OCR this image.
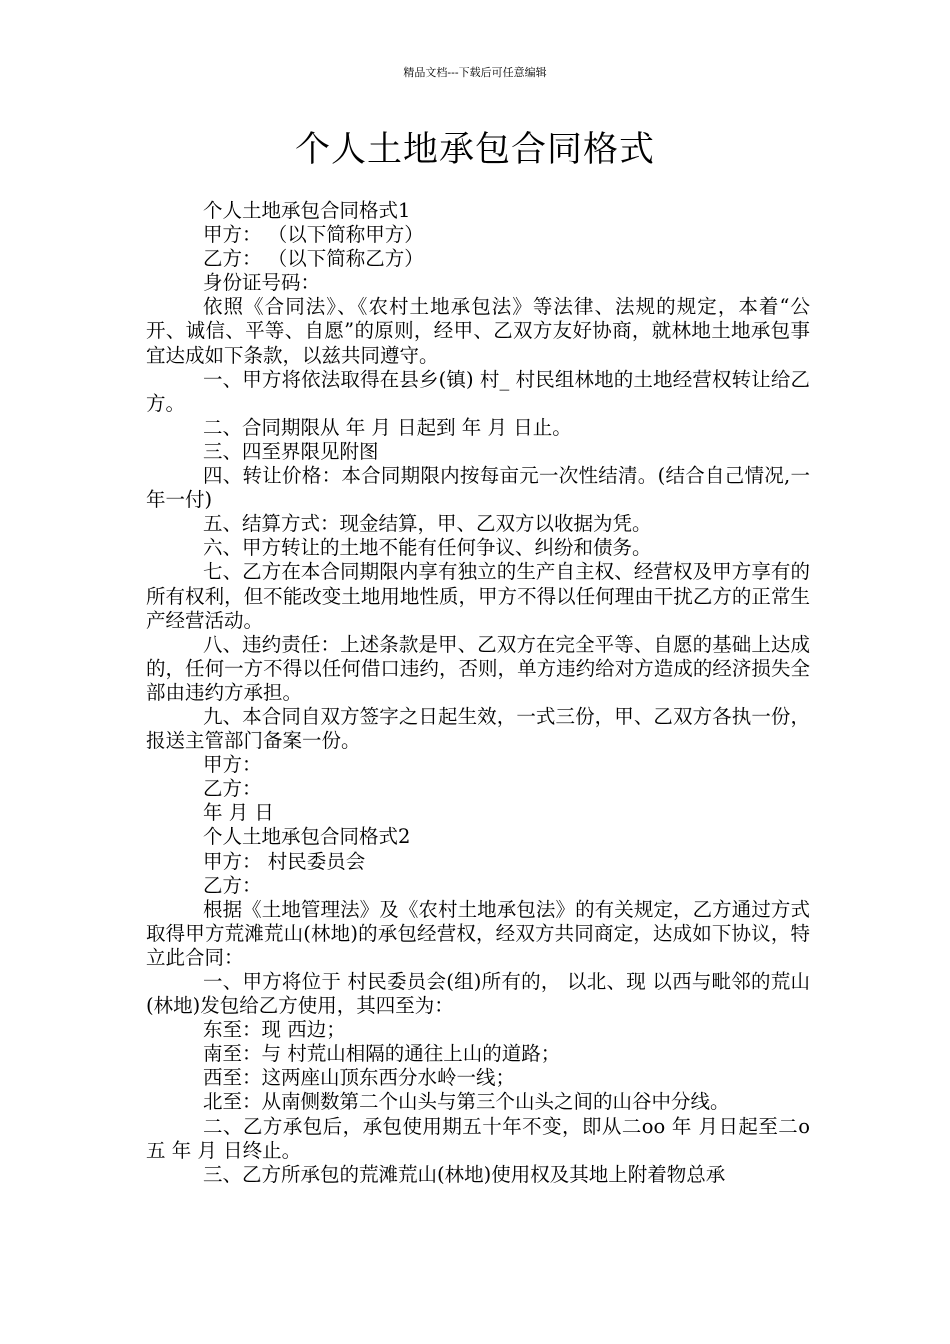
精品文档---下载后可任意编辑
个人土地承包合同格式

个人土地承包合同格式1

甲方： （以下简称甲方）

乙方： （以下简称乙方）

身份证号码：

依照《合同法》、《农村土地承包法》等法律、法规的规定，本着“公开、诚信、平等、自愿”的原则，经甲、乙双方友好协商，就林地土地承包事宜达成如下条款，以兹共同遵守。

一、甲方将依法取得在县乡(镇) 村_ 村民组林地的土地经营权转让给乙方。

二、合同期限从 年 月 日起到 年 月 日止。

三、四至界限见附图

四、转让价格：本合同期限内按每亩元一次性结清。(结合自己情况,一年一付)

五、结算方式：现金结算，甲、乙双方以收据为凭。

六、甲方转让的土地不能有任何争议、纠纷和债务。

七、乙方在本合同期限内享有独立的生产自主权、经营权及甲方享有的所有权利，但不能改变土地用地性质，甲方不得以任何理由干扰乙方的正常生产经营活动。

八、违约责任：上述条款是甲、乙双方在完全平等、自愿的基础上达成的，任何一方不得以任何借口违约，否则，单方违约给对方造成的经济损失全部由违约方承担。

九、本合同自双方签字之日起生效，一式三份，甲、乙双方各执一份，报送主管部门备案一份。

甲方：

乙方：

年 月 日

个人土地承包合同格式2

甲方： 村民委员会

乙方：

根据《土地管理法》及《农村土地承包法》的有关规定，乙方通过方式取得甲方荒滩荒山(林地)的承包经营权，经双方共同商定，达成如下协议，特立此合同：

一、甲方将位于 村民委员会(组)所有的， 以北、现 以西与毗邻的荒山(林地)发包给乙方使用，其四至为：

东至：现 西边；

南至：与 村荒山相隔的通往上山的道路；

西至：这两座山顶东西分水岭一线；

北至：从南侧数第二个山头与第三个山头之间的山谷中分线。

二、乙方承包后，承包使用期五十年不变，即从二oo 年 月日起至二o五 年 月 日终止。

三、乙方所承包的荒滩荒山(林地)使用权及其地上附着物总承
